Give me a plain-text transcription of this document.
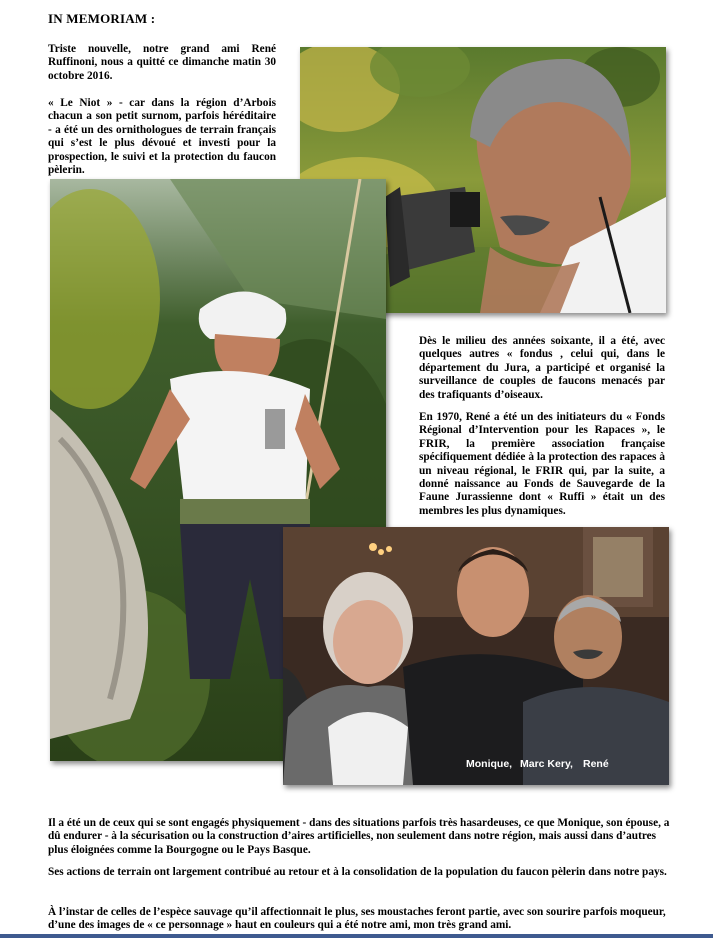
IN MEMORIAM :
Triste nouvelle, notre grand ami René Ruffinoni, nous a quitté ce dimanche matin 30 octobre 2016.
« Le Niot » - car dans la région d’Arbois chacun a son petit surnom, parfois héréditaire - a été un des ornithologues de terrain français qui s’est le plus dévoué et investi pour la prospection, le suivi et la protection du faucon pèlerin.
Dès le milieu des années soixante, il a été, avec quelques autres « fondus , celui qui, dans le département du Jura, a participé et organisé la surveillance de couples de faucons menacés par des trafiquants d’oiseaux.
En 1970, René a été un des initiateurs du « Fonds Régional d’Intervention pour les Rapaces », le FRIR, la première association française spécifiquement dédiée à la protection des rapaces à un niveau régional, le FRIR qui, par la suite, a donné naissance au Fonds de Sauvegarde de la Faune Jurassienne dont « Ruffi » était un des membres les plus dynamiques.
Monique, Marc Kery, René
Il a été un de ceux qui se sont engagés physiquement - dans des situations parfois très hasardeuses, ce que Monique, son épouse, a dû endurer - à la sécurisation ou la construction d’aires artificielles, non seulement dans notre région, mais aussi dans d’autres plus éloignées comme la Bourgogne ou le Pays Basque.
Ses actions de terrain ont largement contribué au retour et à la consolidation de la population du faucon pèlerin dans notre pays.
À l’instar de celles de l’espèce sauvage qu’il affectionnait le plus, ses moustaches feront partie, avec son sourire parfois moqueur, d’une des images de « ce personnage » haut en couleurs qui a été notre ami, mon très grand ami.
